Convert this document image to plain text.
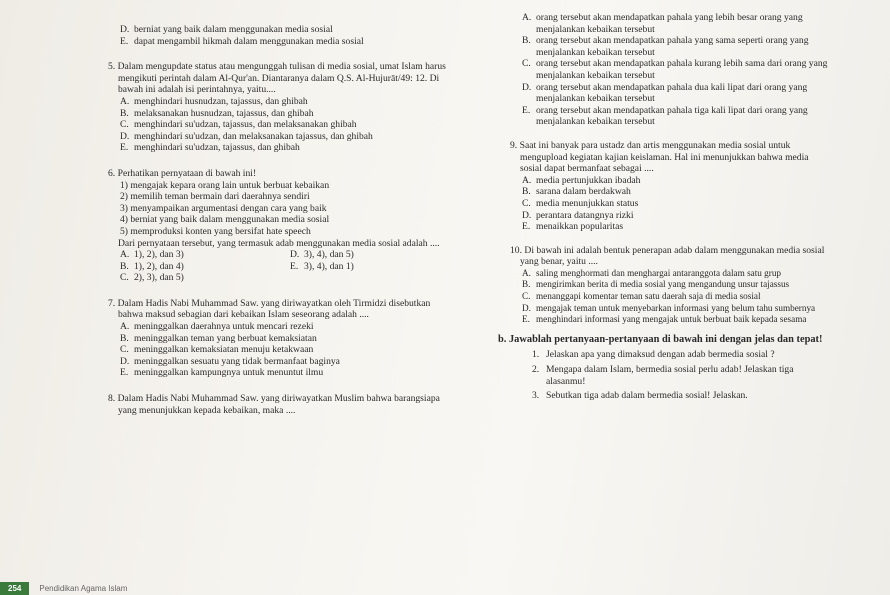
D. berniat yang baik dalam menggunakan media sosial
E. dapat mengambil hikmah dalam menggunakan media sosial
5. Dalam mengupdate status atau mengunggah tulisan di media sosial, umat Islam harus mengikuti perintah dalam Al-Qur'an. Diantaranya dalam Q.S. Al-Hujurāt/49: 12. Di bawah ini adalah isi perintahnya, yaitu....
A. menghindari husnudzan, tajassus, dan ghibah
B. melaksanakan husnudzan, tajassus, dan ghibah
C. menghindari su'udzan, tajassus, dan melaksanakan ghibah
D. menghindari su'udzan, dan melaksanakan tajassus, dan ghibah
E. menghindari su'udzan, tajassus, dan ghibah
6. Perhatikan pernyataan di bawah ini!
1) mengajak kepara orang lain untuk berbuat kebaikan
2) memilih teman bermain dari daerahnya sendiri
3) menyampaikan argumentasi dengan cara yang baik
4) berniat yang baik dalam menggunakan media sosial
5) memproduksi konten yang bersifat hate speech
Dari pernyataan tersebut, yang termasuk adab menggunakan media sosial adalah ....
A. 1), 2), dan 3)	D. 3), 4), dan 5)
B. 1), 2), dan 4)	E. 3), 4), dan 1)
C. 2), 3), dan 5)
7. Dalam Hadis Nabi Muhammad Saw. yang diriwayatkan oleh Tirmidzi disebutkan bahwa maksud sebagian dari kebaikan Islam seseorang adalah ....
A. meninggalkan daerahnya untuk mencari rezeki
B. meninggalkan teman yang berbuat kemaksiatan
C. meninggalkan kemaksiatan menuju ketakwaan
D. meninggalkan sesuatu yang tidak bermanfaat baginya
E. meninggalkan kampungnya untuk menuntut ilmu
8. Dalam Hadis Nabi Muhammad Saw. yang diriwayatkan Muslim bahwa barangsiapa yang menunjukkan kepada kebaikan, maka ....
A. orang tersebut akan mendapatkan pahala yang lebih besar orang yang menjalankan kebaikan tersebut
B. orang tersebut akan mendapatkan pahala yang sama seperti orang yang menjalankan kebaikan tersebut
C. orang tersebut akan mendapatkan pahala kurang lebih sama dari orang yang menjalankan kebaikan tersebut
D. orang tersebut akan mendapatkan pahala dua kali lipat dari orang yang menjalankan kebaikan tersebut
E. orang tersebut akan mendapatkan pahala tiga kali lipat dari orang yang menjalankan kebaikan tersebut
9. Saat ini banyak para ustadz dan artis menggunakan media sosial untuk mengupload kegiatan kajian keislaman. Hal ini menunjukkan bahwa media sosial dapat bermanfaat sebagai ....
A. media pertunjukkan ibadah
B. sarana dalam berdakwah
C. media menunjukkan status
D. perantara datangnya rizki
E. menaikkan popularitas
10. Di bawah ini adalah bentuk penerapan adab dalam menggunakan media sosial yang benar, yaitu ....
A. saling menghormati dan menghargai antaranggota dalam satu grup
B. mengirimkan berita di media sosial yang mengandung unsur tajassus
C. menanggapi komentar teman satu daerah saja di media sosial
D. mengajak teman untuk menyebarkan informasi yang belum tahu sumbernya
E. menghindari informasi yang mengajak untuk berbuat baik kepada sesama
b. Jawablah pertanyaan-pertanyaan di bawah ini dengan jelas dan tepat!
1. Jelaskan apa yang dimaksud dengan adab bermedia sosial ?
2. Mengapa dalam Islam, bermedia sosial perlu adab! Jelaskan tiga alasanmu!
3. Sebutkan tiga adab dalam bermedia sosial! Jelaskan.
254	Pendidikan Agama Islam
